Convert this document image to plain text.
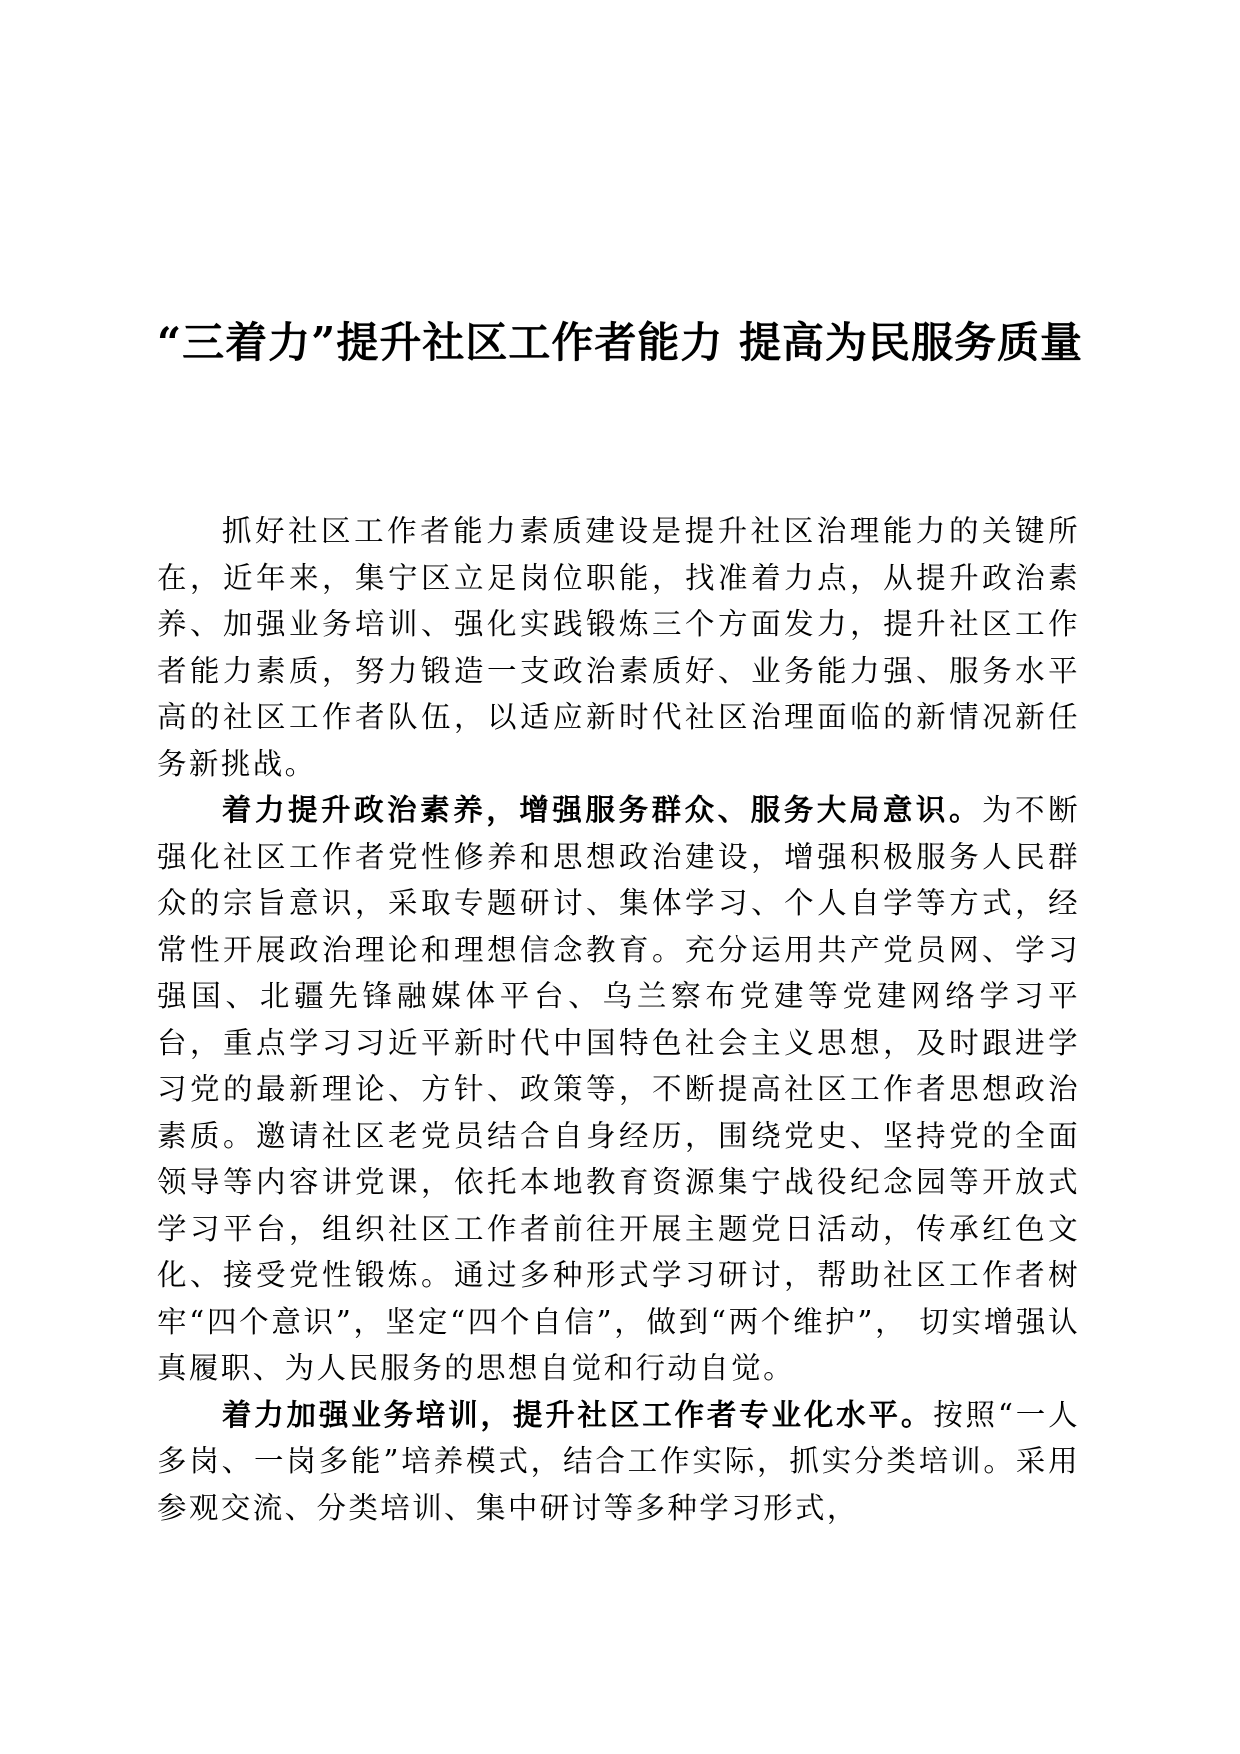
“三着力”提升社区工作者能力 提高为民服务质量

抓好社区工作者能力素质建设是提升社区治理能力的关键所在，近年来，集宁区立足岗位职能，找准着力点，从提升政治素养、加强业务培训、强化实践锻炼三个方面发力，提升社区工作者能力素质，努力锻造一支政治素质好、业务能力强、服务水平高的社区工作者队伍，以适应新时代社区治理面临的新情况新任务新挑战。

着力提升政治素养，增强服务群众、服务大局意识。为不断强化社区工作者党性修养和思想政治建设，增强积极服务人民群众的宗旨意识，采取专题研讨、集体学习、个人自学等方式，经常性开展政治理论和理想信念教育。充分运用共产党员网、学习强国、北疆先锋融媒体平台、乌兰察布党建等党建网络学习平台，重点学习习近平新时代中国特色社会主义思想，及时跟进学习党的最新理论、方针、政策等，不断提高社区工作者思想政治素质。邀请社区老党员结合自身经历，围绕党史、坚持党的全面领导等内容讲党课，依托本地教育资源集宁战役纪念园等开放式学习平台，组织社区工作者前往开展主题党日活动，传承红色文化、接受党性锻炼。通过多种形式学习研讨，帮助社区工作者树牢“四个意识”，坚定“四个自信”，做到“两个维护”， 切实增强认真履职、为人民服务的思想自觉和行动自觉。

着力加强业务培训，提升社区工作者专业化水平。按照“一人多岗、一岗多能”培养模式，结合工作实际，抓实分类培训。采用参观交流、分类培训、集中研讨等多种学习形式，
